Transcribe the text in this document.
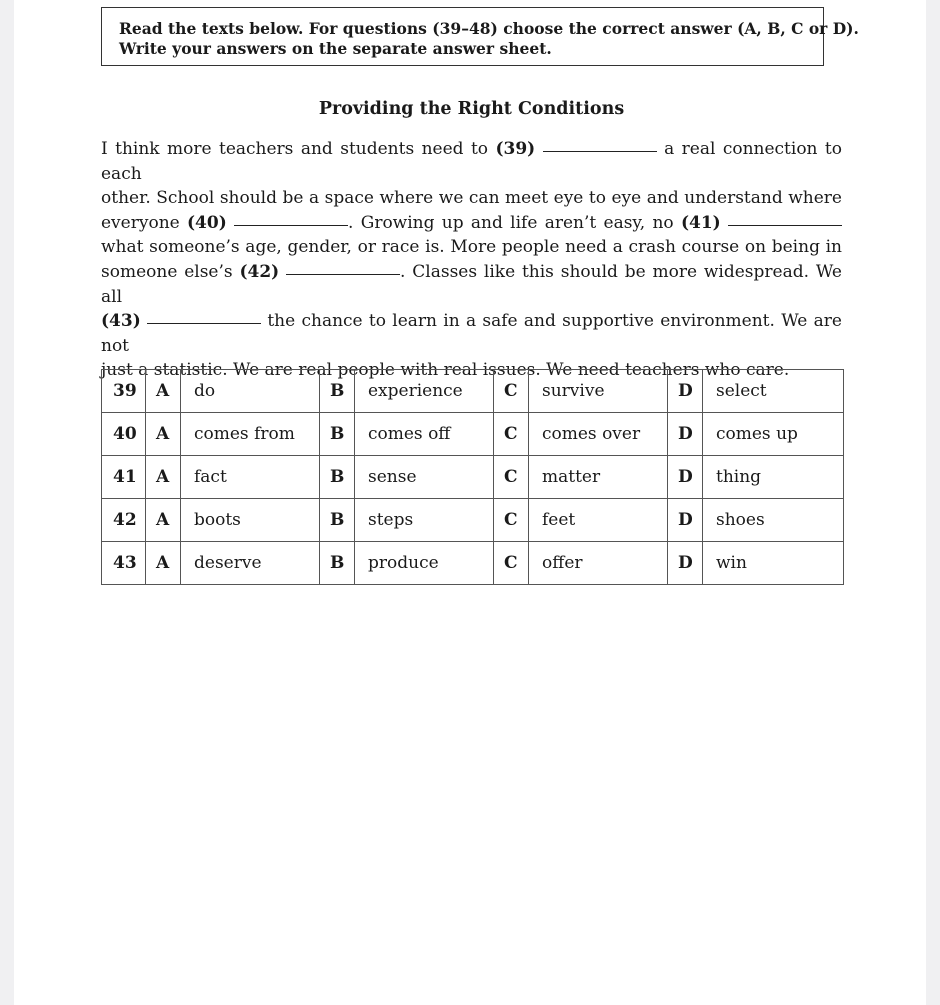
Read the texts below. For questions (39–48) choose the correct answer (A, B, C or D).
Write your answers on the separate answer sheet.
Providing the Right Conditions
I think more teachers and students need to (39)	a real connection to each
other. School should be a space where we can meet eye to eye and understand where
everyone (40)	. Growing up and life aren’t easy, no (41)
what someone’s age, gender, or race is. More people need a crash course on being in
someone else’s (42)	. Classes like this should be more widespread. We all
(43)	the chance to learn in a safe and supportive environment. We are not
just a statistic. We are real people with real issues. We need teachers who care.
39	A	do	B	experience	C	survive	D	select
40	A	comes from	B	comes off	C	comes over	D	comes up
41	A	fact	B	sense	C	matter	D	thing
42	A	boots	B	steps	C	feet	D	shoes
43	A	deserve	B	produce	C	offer	D	win
